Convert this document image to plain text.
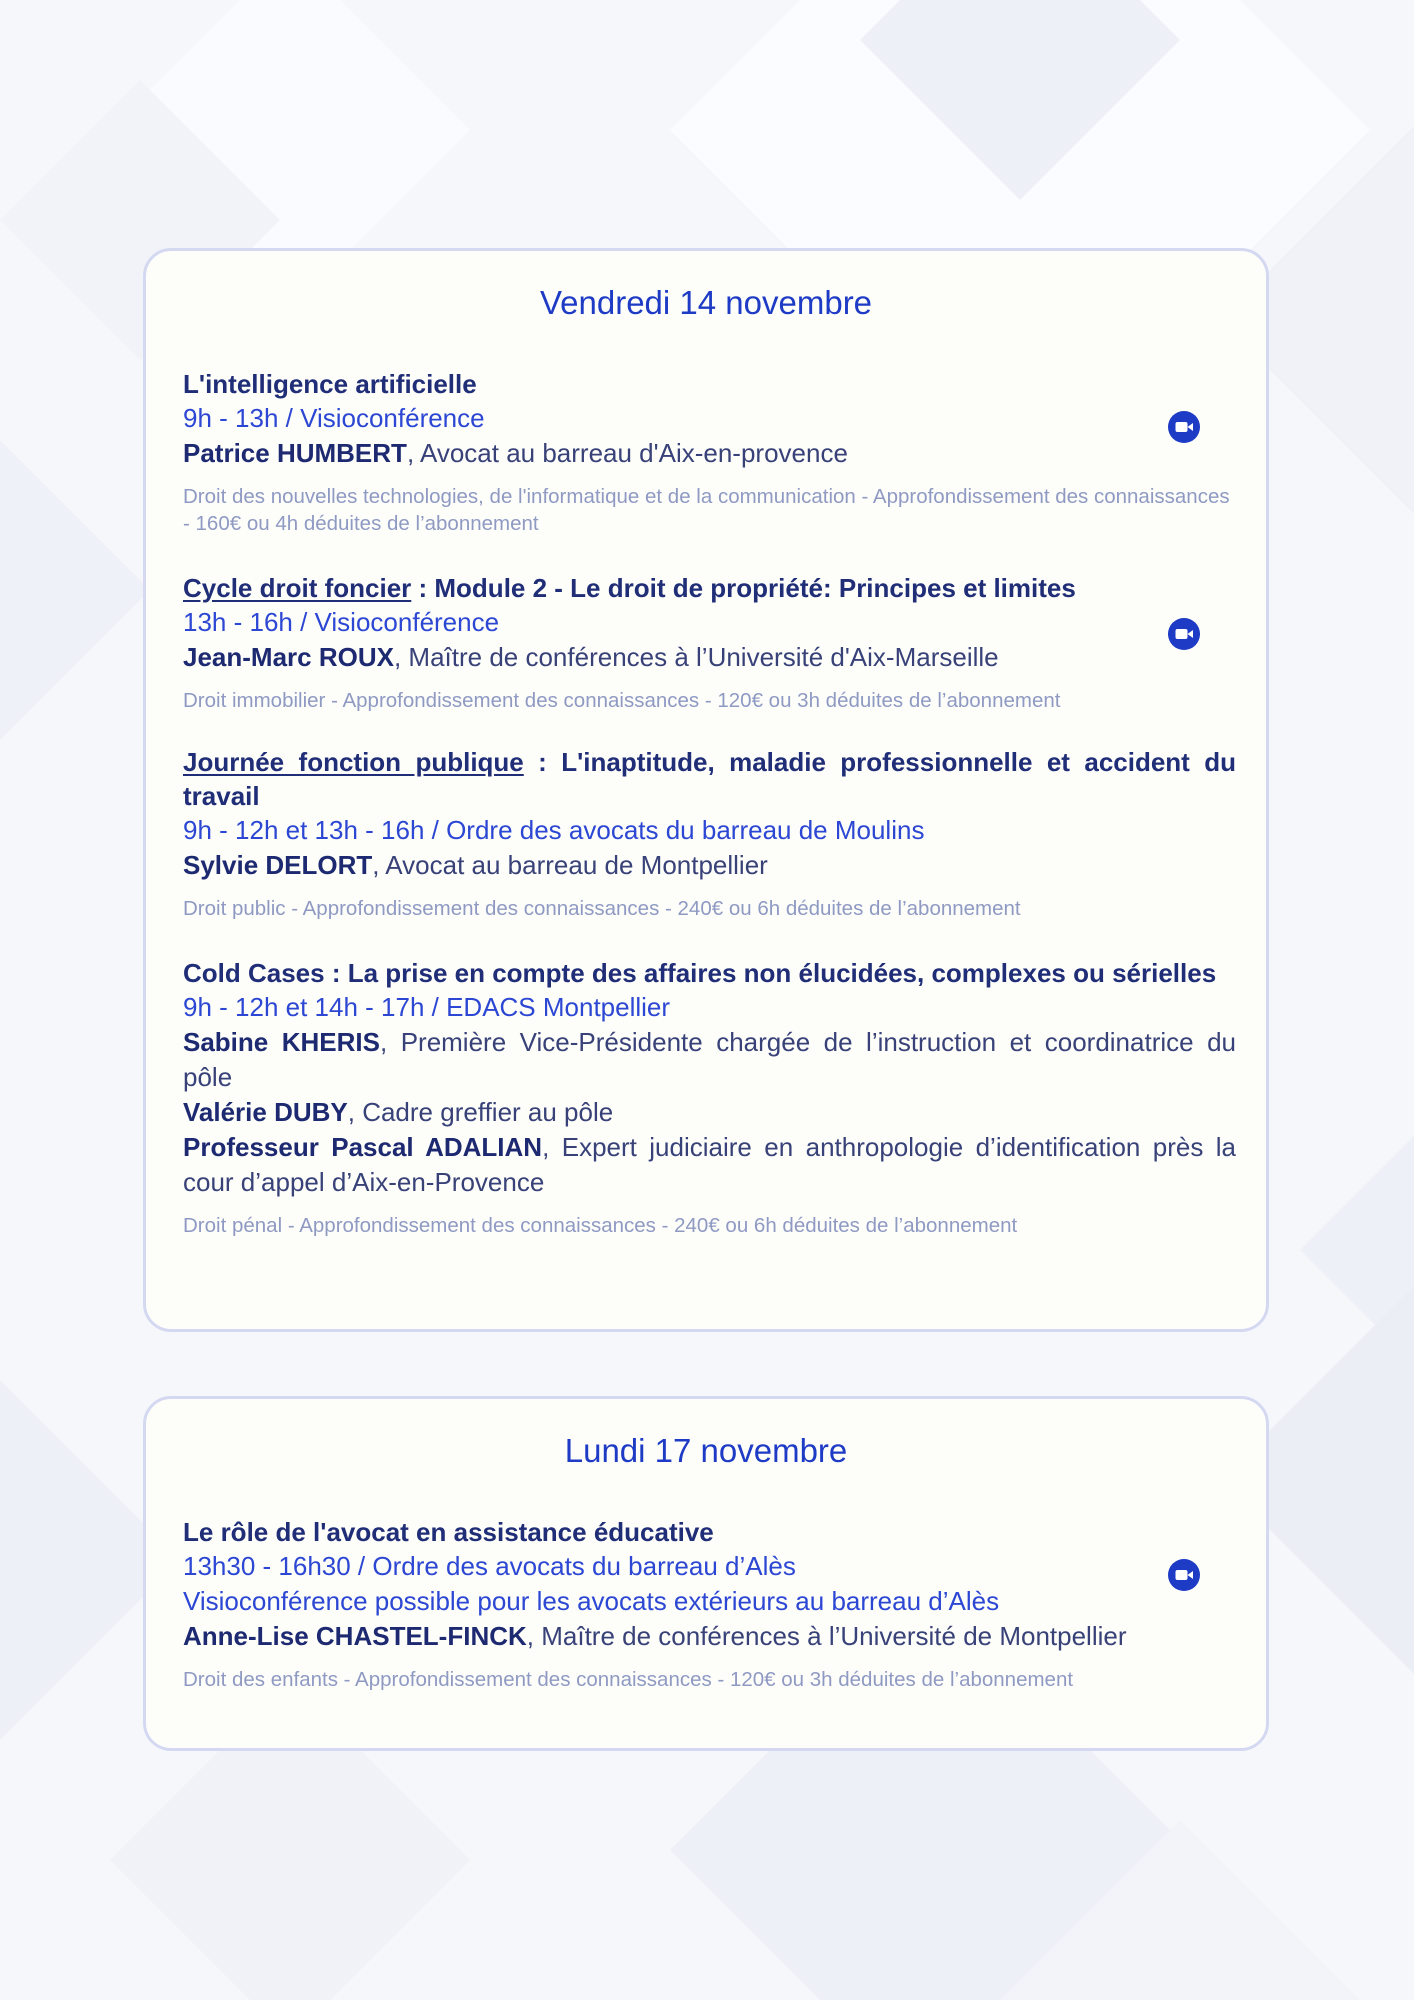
Vendredi 14 novembre

L'intelligence artificielle

9h - 13h / Visioconférence

Patrice HUMBERT, Avocat au barreau d'Aix-en-provence

Droit des nouvelles technologies, de l'informatique et de la communication - Approfondissement des connaissances - 160€ ou 4h déduites de l’abonnement

Cycle droit foncier : Module 2 - Le droit de propriété: Principes et limites

13h - 16h / Visioconférence

Jean-Marc ROUX, Maître de conférences à l’Université d'Aix-Marseille

Droit immobilier - Approfondissement des connaissances - 120€ ou 3h déduites de l’abonnement

Journée fonction publique : L'inaptitude, maladie professionnelle et accident du travail

9h - 12h et 13h - 16h / Ordre des avocats du barreau de Moulins

Sylvie DELORT, Avocat au barreau de Montpellier

Droit public - Approfondissement des connaissances - 240€ ou 6h déduites de l’abonnement

Cold Cases : La prise en compte des affaires non élucidées, complexes ou sérielles

9h - 12h et 14h - 17h / EDACS Montpellier

Sabine KHERIS, Première Vice-Présidente chargée de l’instruction et coordinatrice du pôle

Valérie DUBY, Cadre greffier au pôle

Professeur Pascal ADALIAN, Expert judiciaire en anthropologie d’identification près la cour d’appel d’Aix-en-Provence

Droit pénal - Approfondissement des connaissances - 240€ ou 6h déduites de l’abonnement

Lundi 17 novembre

Le rôle de l'avocat en assistance éducative

13h30 - 16h30 / Ordre des avocats du barreau d’Alès

Visioconférence possible pour les avocats extérieurs au barreau d’Alès

Anne-Lise CHASTEL-FINCK, Maître de conférences à l’Université de Montpellier

Droit des enfants - Approfondissement des connaissances - 120€ ou 3h déduites de l’abonnement
